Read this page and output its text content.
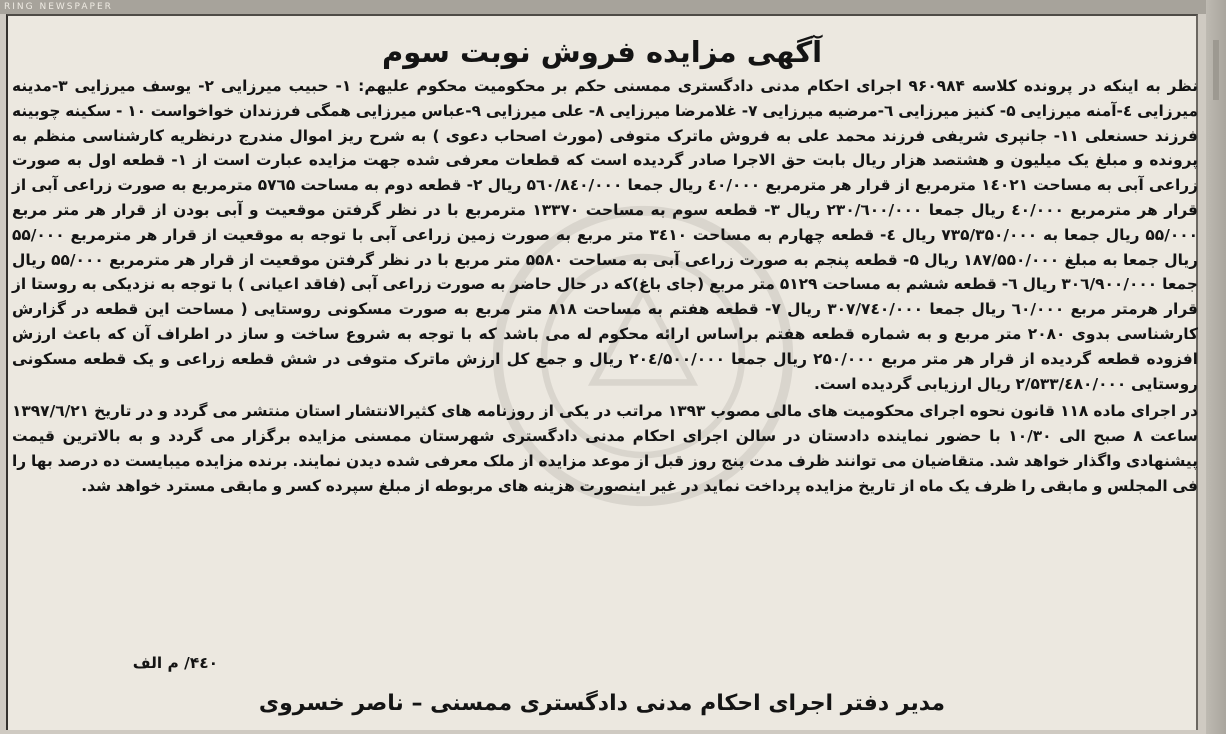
RING NEWSPAPER
آگهی مزایده فروش نوبت سوم

نظر به اینکه در پرونده کلاسه ۹۶۰۹۸۴ اجرای احکام مدنی دادگستری ممسنی حکم بر محکومیت محکوم علیهم: ۱- حبیب میرزایی ۲- یوسف میرزایی ۳-مدینه میرزایی ٤-آمنه میرزایی ۵- کنیز میرزایی ٦-مرضیه میرزایی ۷- غلامرضا میرزایی ۸- علی میرزایی ۹-عباس میرزایی همگی فرزندان خواخواست ۱۰ - سکینه چوبینه فرزند حسنعلی ۱۱- جانپری شریفی فرزند محمد علی به فروش ماترک متوفی (مورث اصحاب دعوی ) به شرح ریز اموال مندرج درنظریه کارشناسی منظم به پرونده و مبلغ یک میلیون و هشتصد هزار ریال بابت حق الاجرا صادر گردیده است که قطعات معرفی شده جهت مزایده عبارت است از ۱- قطعه اول به صورت زراعی آبی به مساحت ۱٤۰۲۱ مترمربع از قرار هر مترمربع ٤۰/۰۰۰ ریال جمعا ۵٦۰/۸٤۰/۰۰۰ ریال ۲- قطعه دوم به مساحت ۵۷٦۵ مترمربع به صورت زراعی آبی از قرار هر مترمربع ٤۰/۰۰۰ ریال جمعا ۲۳۰/٦۰۰/۰۰۰ ریال ۳- قطعه سوم به مساحت ۱۳۳۷۰ مترمربع با در نظر گرفتن موقعیت و آبی بودن از قرار هر متر مربع ۵۵/۰۰۰ ریال جمعا به ۷۳۵/۳۵۰/۰۰۰ ریال ٤- قطعه چهارم به مساحت ۳٤۱۰ متر مربع به صورت زمین زراعی آبی با توجه به موقعیت از قرار هر مترمربع ۵۵/۰۰۰ ریال جمعا به مبلغ ۱۸۷/۵۵۰/۰۰۰ ریال ۵- قطعه پنجم به صورت زراعی آبی به مساحت ۵۵۸۰ متر مربع با در نظر گرفتن موقعیت از قرار هر مترمربع ۵۵/۰۰۰ ریال جمعا ۳۰٦/۹۰۰/۰۰۰ ریال ٦- قطعه ششم به مساحت ۵۱۲۹ متر مربع (جای باغ)که در حال حاضر به صورت زراعی آبی (فاقد اعیانی ) با توجه به نزدیکی به روستا از قرار هرمتر مربع ٦۰/۰۰۰ ریال جمعا ۳۰۷/۷٤۰/۰۰۰ ریال ۷- قطعه هفتم به مساحت ۸۱۸ متر مربع به صورت مسکونی روستایی ( مساحت این قطعه در گزارش کارشناسی بدوی ۲۰۸۰ متر مربع و به شماره قطعه هفتم براساس ارائه محکوم له می باشد که با توجه به شروع ساخت و ساز در اطراف آن که باعث ارزش افزوده قطعه گردیده از قرار هر متر مربع ۲۵۰/۰۰۰ ریال جمعا ۲۰٤/۵۰۰/۰۰۰ ریال و جمع کل ارزش ماترک متوفی در شش قطعه زراعی و یک قطعه مسکونی روستایی ۲/۵۳۳/٤۸۰/۰۰۰ ریال ارزیابی گردیده است.

در اجرای ماده ۱۱۸ قانون نحوه اجرای محکومیت های مالی مصوب ۱۳۹۳ مراتب در یکی از روزنامه های کثیرالانتشار استان منتشر می گردد و در تاریخ ۱۳۹۷/٦/۲۱ ساعت ۸ صبح الی ۱۰/۳۰ با حضور نماینده دادستان در سالن اجرای احکام مدنی دادگستری شهرستان ممسنی مزایده برگزار می گردد و به بالاترین قیمت پیشنهادی واگذار خواهد شد. متقاضیان می توانند ظرف مدت پنج روز قبل از موعد مزایده از ملک معرفی شده دیدن نمایند. برنده مزایده میبایست ده درصد بها را فی المجلس و مابقی را ظرف یک ماه از تاریخ مزایده پرداخت نماید در غیر اینصورت هزینه های مربوطه از مبلغ سپرده کسر و مابقی مسترد خواهد شد.

۴٤۰/ م الف
مدیر دفتر اجرای احکام مدنی دادگستری ممسنی – ناصر خسروی
